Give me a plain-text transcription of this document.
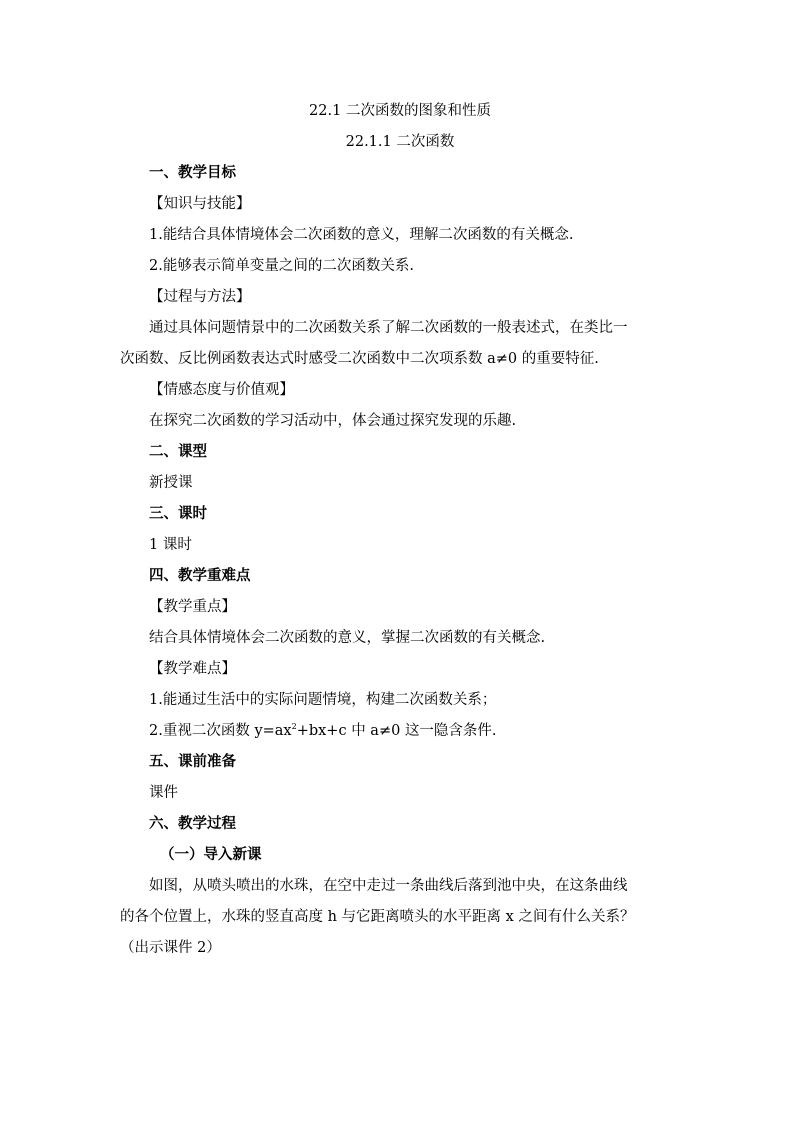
22.1 二次函数的图象和性质
22.1.1 二次函数
一、教学目标
【知识与技能】
1.能结合具体情境体会二次函数的意义，理解二次函数的有关概念.
2.能够表示简单变量之间的二次函数关系.
【过程与方法】
通过具体问题情景中的二次函数关系了解二次函数的一般表述式，在类比一
次函数、反比例函数表达式时感受二次函数中二次项系数 a≠0 的重要特征.
【情感态度与价值观】
在探究二次函数的学习活动中，体会通过探究发现的乐趣.
二、课型
新授课
三、课时
1 课时
四、教学重难点
【教学重点】
结合具体情境体会二次函数的意义，掌握二次函数的有关概念.
【教学难点】
1.能通过生活中的实际问题情境，构建二次函数关系；
2.重视二次函数 $y=ax^2+bx+c$ 中 a≠0 这一隐含条件.
五、课前准备
课件
六、教学过程
（一）导入新课
如图，从喷头喷出的水珠，在空中走过一条曲线后落到池中央，在这条曲线
的各个位置上，水珠的竖直高度 h 与它距离喷头的水平距离 x 之间有什么关系？
（出示课件 2）
